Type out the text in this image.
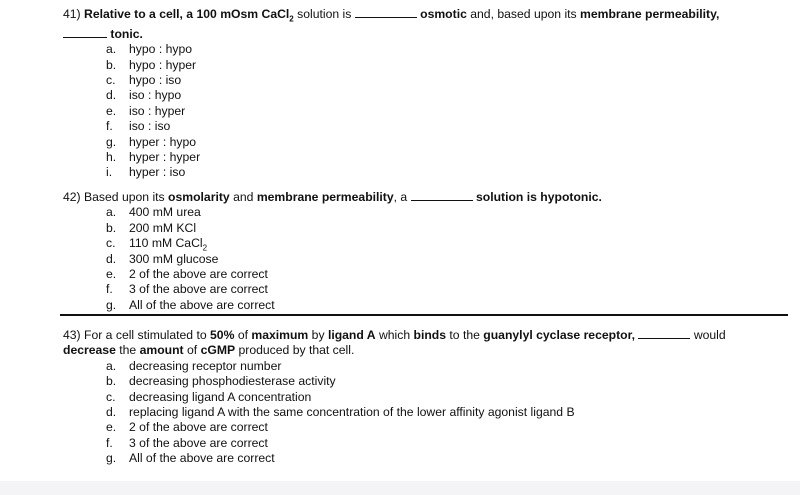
41) Relative to a cell, a 100 mOsm CaCl$_2$ solution is	osmotic and, based upon its membrane permeability,
tonic.
a. hypo : hypo
b. hypo : hyper
c. hypo : iso
d. iso : hypo
e. iso : hyper
f. iso : iso
g. hyper : hypo
h. hyper : hyper
i. hyper : iso
42) Based upon its osmolarity and membrane permeability, a	solution is hypotonic.
a. 400 mM urea
b. 200 mM KCl
c. 110 mM CaCl$_2$
d. 300 mM glucose
e. 2 of the above are correct
f. 3 of the above are correct
g. All of the above are correct
43) For a cell stimulated to 50% of maximum by ligand A which binds to the guanylyl cyclase receptor,	would
decrease the amount of cGMP produced by that cell.
a. decreasing receptor number
b. decreasing phosphodiesterase activity
c. decreasing ligand A concentration
d. replacing ligand A with the same concentration of the lower affinity agonist ligand B
e. 2 of the above are correct
f. 3 of the above are correct
g. All of the above are correct
